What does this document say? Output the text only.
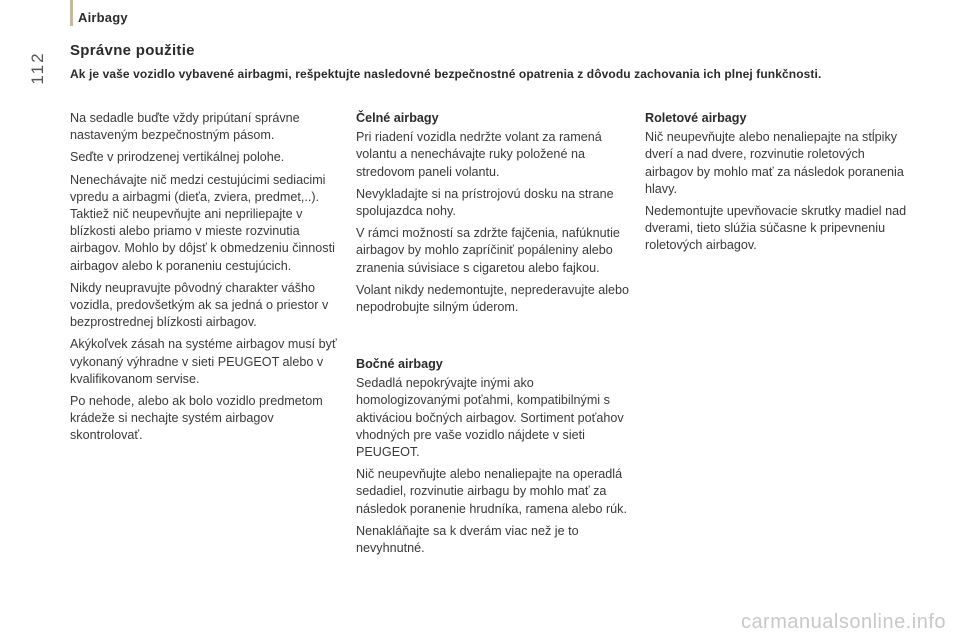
Airbagy
112
Správne použitie
Ak je vaše vozidlo vybavené airbagmi, rešpektujte nasledovné bezpečnostné opatrenia z dôvodu zachovania ich plnej funkčnosti.

Na sedadle buďte vždy pripútaní správne nastaveným bezpečnostným pásom.

Seďte v prirodzenej vertikálnej polohe.

Nenechávajte nič medzi cestujúcimi sediacimi vpredu a airbagmi (dieťa, zviera, predmet,..). Taktiež nič neupevňujte ani nepriliepajte v blízkosti alebo priamo v mieste rozvinutia airbagov. Mohlo by dôjsť k obmedzeniu činnosti airbagov alebo k poraneniu cestujúcich.

Nikdy neupravujte pôvodný charakter vášho vozidla, predovšetkým ak sa jedná o priestor v bezprostrednej blízkosti airbagov.

Akýkoľvek zásah na systéme airbagov musí byť vykonaný výhradne v sieti PEUGEOT alebo v kvalifikovanom servise.

Po nehode, alebo ak bolo vozidlo predmetom krádeže si nechajte systém airbagov skontrolovať.

Čelné airbagy

Pri riadení vozidla nedržte volant za ramená volantu a nenechávajte ruky položené na stredovom paneli volantu.

Nevykladajte si na prístrojovú dosku na strane spolujazdca nohy.

V rámci možností sa zdržte fajčenia, nafúknutie airbagov by mohlo zapríčiniť popáleniny alebo zranenia súvisiace s cigaretou alebo fajkou.

Volant nikdy nedemontujte, neprederavujte alebo nepodrobujte silným úderom.

Bočné airbagy

Sedadlá nepokrývajte inými ako homologizovanými poťahmi, kompatibilnými s aktiváciou bočných airbagov. Sortiment poťahov vhodných pre vaše vozidlo nájdete v sieti PEUGEOT.

Nič neupevňujte alebo nenaliepajte na operadlá sedadiel, rozvinutie airbagu by mohlo mať za následok poranenie hrudníka, ramena alebo rúk.

Nenakláňajte sa k dverám viac než je to nevyhnutné.

Roletové airbagy

Nič neupevňujte alebo nenaliepajte na stĺpiky dverí a nad dvere, rozvinutie roletových airbagov by mohlo mať za následok poranenia hlavy.

Nedemontujte upevňovacie skrutky madiel nad dverami, tieto slúžia súčasne k pripevneniu roletových airbagov.

carmanualsonline.info
